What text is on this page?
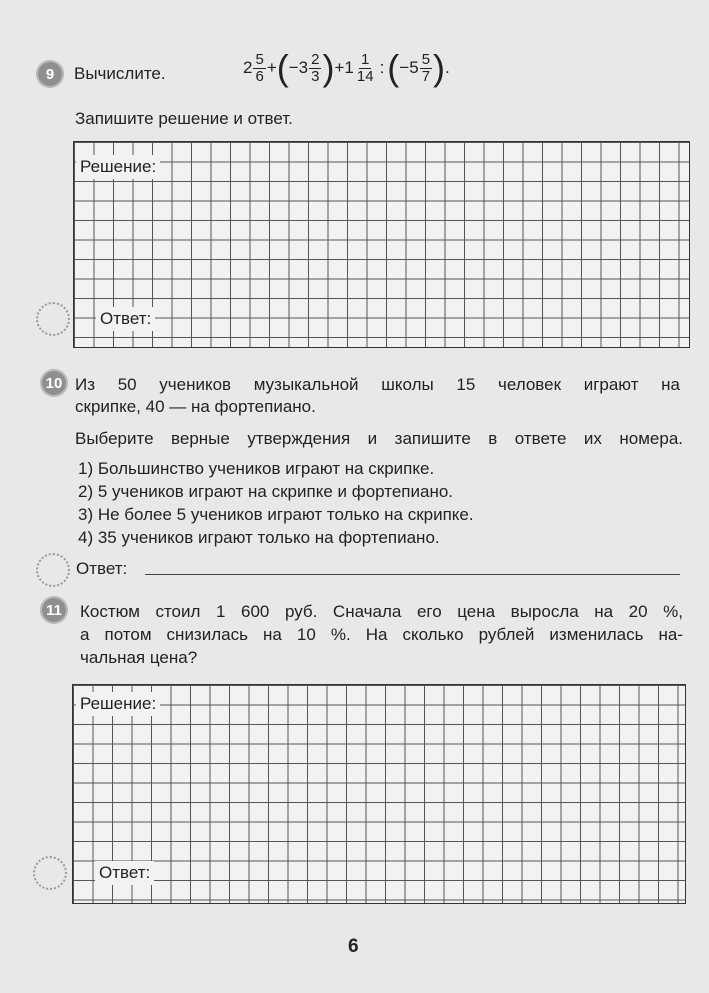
9	Вычислите.	$2 \frac{5}{6}$ + ( $-3 \frac{2}{3}$ ) $+1 \frac{1}{14}$ : ( $-5 \frac{5}{7}$ ) .
Запишите решение и ответ.
Решение:
Ответ:
10 Из 50 учеников музыкальной школы 15 человек играют на
скрипке, 40 — на фортепиано.
Выберите верные утверждения и запишите в ответе их номера.
1) Большинство учеников играют на скрипке.
2) 5 учеников играют на скрипке и фортепиано.
3) Не более 5 учеников играют только на скрипке.
4) 35 учеников играют только на фортепиано.
Ответ:
11	Костюм стоил 1 600 руб. Сначала его цена выросла на 20 %,
а потом снизилась на 10 %. На сколько рублей изменилась на-
чальная цена?
Решение:
Ответ:
6
